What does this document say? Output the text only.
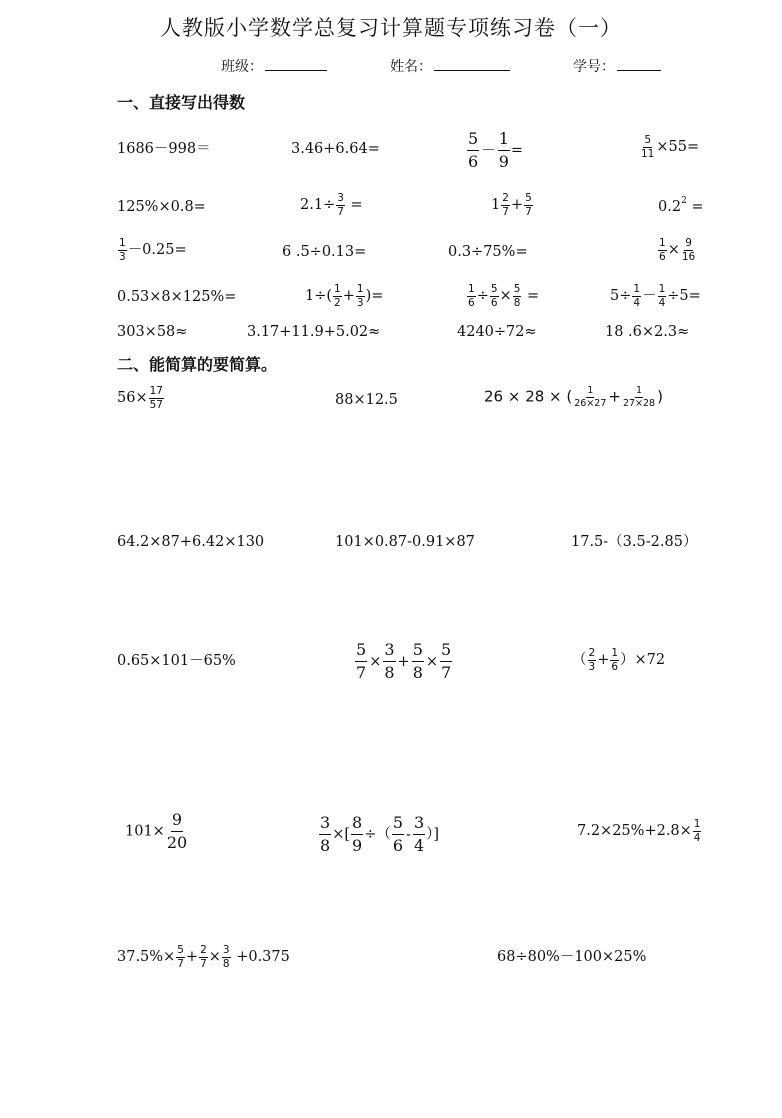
人教版小学数学总复习计算题专项练习卷（一）
班级：	姓名：	学号：
一、直接写出得数
1686－998＝	3.46+6.64=	$\frac{5}{6} - \frac{1}{9}$ =	$\frac{5}{11} \times 55=$
125%×0.8=	$2.1\div \frac{3}{7}$ =	$1 \frac{2}{7} + \frac{5}{7}$	$0.2^2$ =
$\frac{1}{3} -0.25=$	6 .5÷0.13=	0.3÷75%=	$\frac{1}{6} \times \frac{9}{16}$
0.53×8×125%=	$1\div( \frac{1}{2} + \frac{1}{3}$ )=	$\frac{1}{6} \div \frac{5}{6} \times \frac{5}{8}$ =	$5\div \frac{1}{4} - \frac{1}{4} \div 5=$
303×58≈	3.17+11.9+5.02≈	4240÷72≈	18 .6×2.3≈
二、能简算的要简算。
$56\times \frac{17}{57}$	88×12.5	26 × 28 × ( $\frac{1}{26\times 27} + \frac{1}{27\times 28}$ )
64.2×87+6.42×130	101×0.87-0.91×87	17.5-（3.5-2.85）
0.65×101－65%	$\frac{5}{7} \times \frac{3}{8} + \frac{5}{8} \times \frac{5}{7}$	（ $\frac{2}{3} + \frac{1}{6} )\times 72$
$101\times \frac{9}{20}$	$\frac{3}{8}$ ×[ $\frac{8}{9}$ ÷（ $\frac{5}{6} - \frac{3}{4}$ ）]	$7.2\times 25\%+2.8\times \frac{1}{4}$
$37.5\%\times \frac{5}{7} + \frac{2}{7} \times \frac{3}{8} +0.375$	68÷80%－100×25%
